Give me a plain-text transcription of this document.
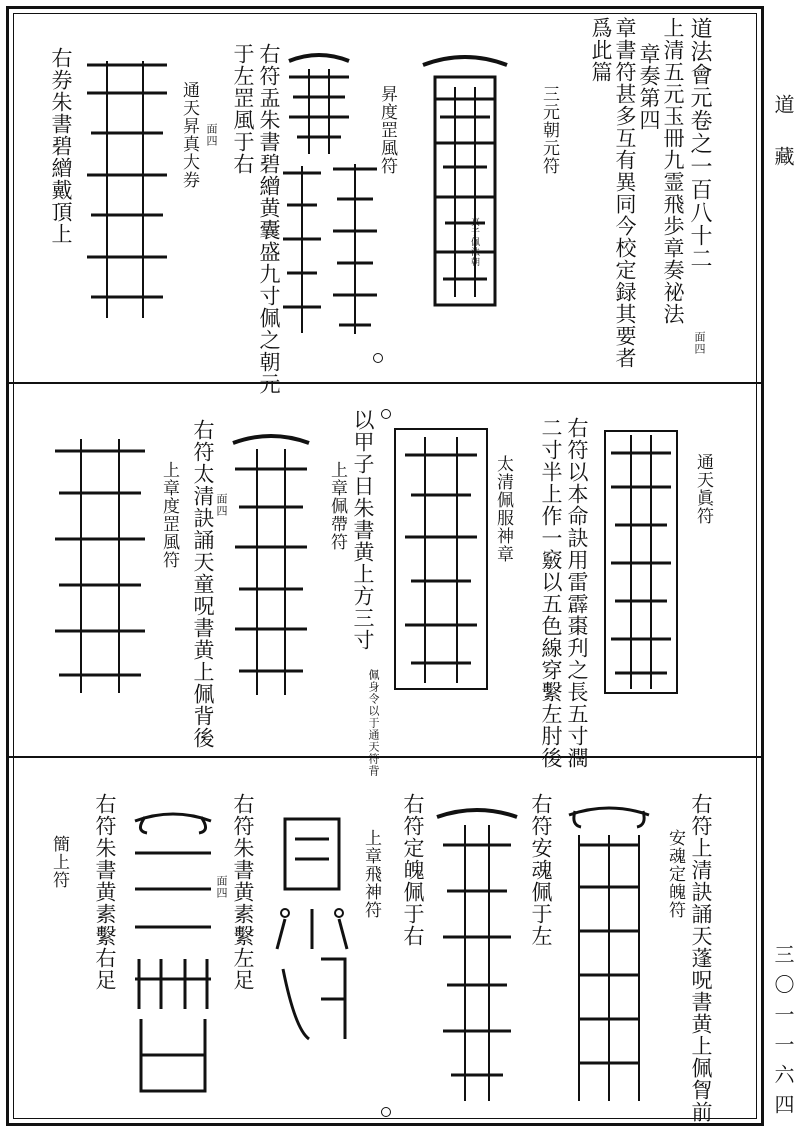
道法會元卷之一百八十二
上清五元玉冊九霊飛歩章奏祕法
面四
章奏第四
章書符甚多互有異同今校定録其要者
爲此篇
三元朝元符
真子佩法朝
昇度罡風符
右符盂朱書碧繒黄囊盛九寸佩之朝元
于左罡風于右
通天昇真大券 面四
右券朱書碧繒戴頂上
通天眞符
右符以本命訣用雷霹棗刋之長五寸濶
二寸半上作一竅以五色線穿繫左肘後
太清佩服神章
以甲子日朱書黄上方三寸
佩身令以于通天符背
上章佩帶符
右符太清訣誦天童呪書黄上佩背後 面四
上章度罡風符
右符上清訣誦天蓬呪書黄上佩胷前
安魂定魄符
右符安魂佩于左
右符定魄佩于右
上章飛神符
右符朱書黄素繫左足
面四
右符朱書黄素繫右足
簡上符
道
藏
三〇一一六四
